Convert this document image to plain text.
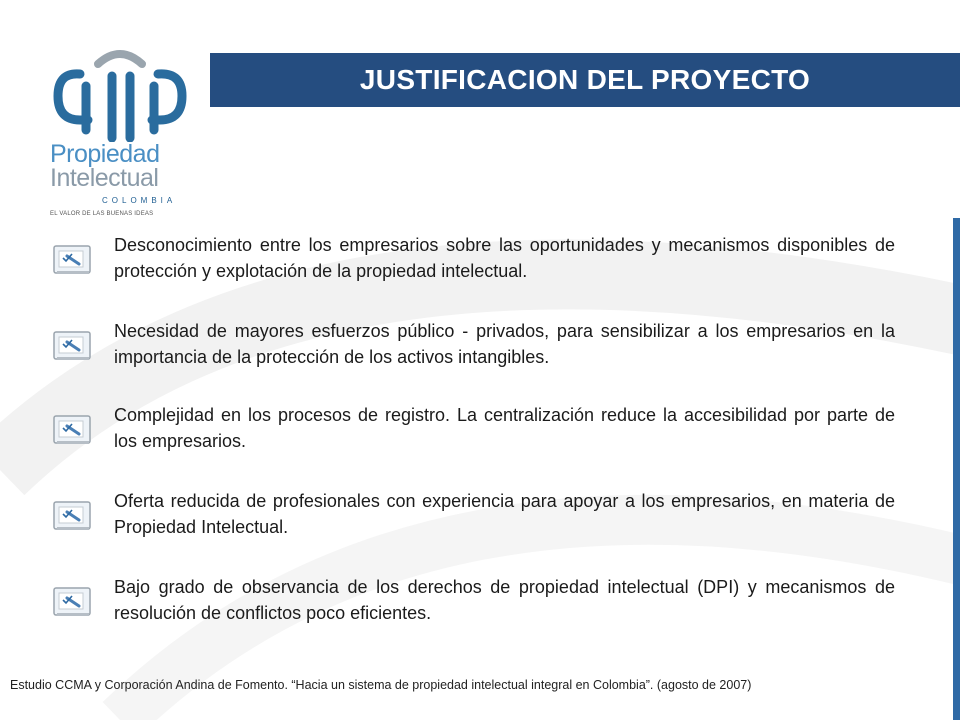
Propiedad
Intelectual
COLOMBIA
EL VALOR DE LAS BUENAS IDEAS
JUSTIFICACION DEL PROYECTO
Desconocimiento entre los empresarios sobre las oportunidades y mecanismos disponibles de protección y explotación de la propiedad intelectual.
Necesidad de mayores esfuerzos público - privados, para sensibilizar a los empresarios en la importancia de la protección de los activos intangibles.
Complejidad en los procesos de registro. La centralización reduce la accesibilidad por parte de los empresarios.
Oferta reducida de profesionales con experiencia para apoyar a los empresarios, en materia de Propiedad Intelectual.
Bajo grado de observancia de los derechos de propiedad intelectual (DPI) y mecanismos de resolución de conflictos poco eficientes.
Estudio CCMA y Corporación Andina de Fomento. “Hacia un sistema de propiedad intelectual integral en Colombia”. (agosto de 2007)
